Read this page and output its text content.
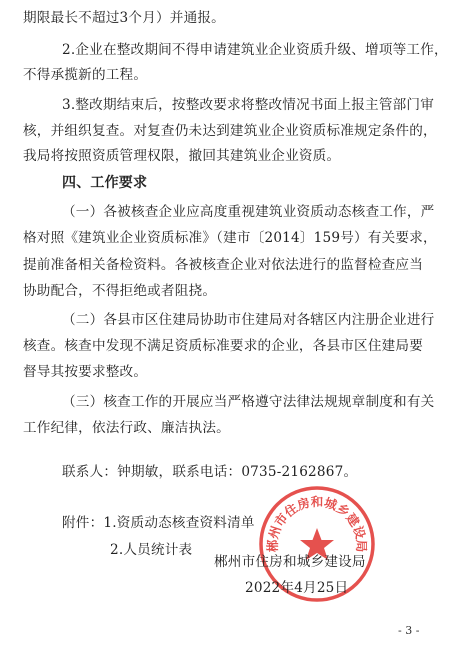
期限最长不超过3个月）并通报。
2.企业在整改期间不得申请建筑业企业资质升级、增项等工作，
不得承揽新的工程。
3.整改期结束后，按整改要求将整改情况书面上报主管部门审
核，并组织复查。对复查仍未达到建筑业企业资质标准规定条件的，
我局将按照资质管理权限，撤回其建筑业企业资质。
四、工作要求
（一）各被核查企业应高度重视建筑业资质动态核查工作，严
格对照《建筑业企业资质标准》（建市〔2014〕159号）有关要求，
提前准备相关备检资料。各被核查企业对依法进行的监督检查应当
协助配合，不得拒绝或者阻挠。
（二）各县市区住建局协助市住建局对各辖区内注册企业进行
核查。核查中发现不满足资质标准要求的企业，各县市区住建局要
督导其按要求整改。
（三）核查工作的开展应当严格遵守法律法规规章制度和有关
工作纪律，依法行政、廉洁执法。
联系人：钟期敏，联系电话：0735-2162867。
附件：1.资质动态核查资料清单
2.人员统计表	郴州市住房和城乡建设局
郴州市住房和城乡建设局
2022年4月25日
- 3 -
